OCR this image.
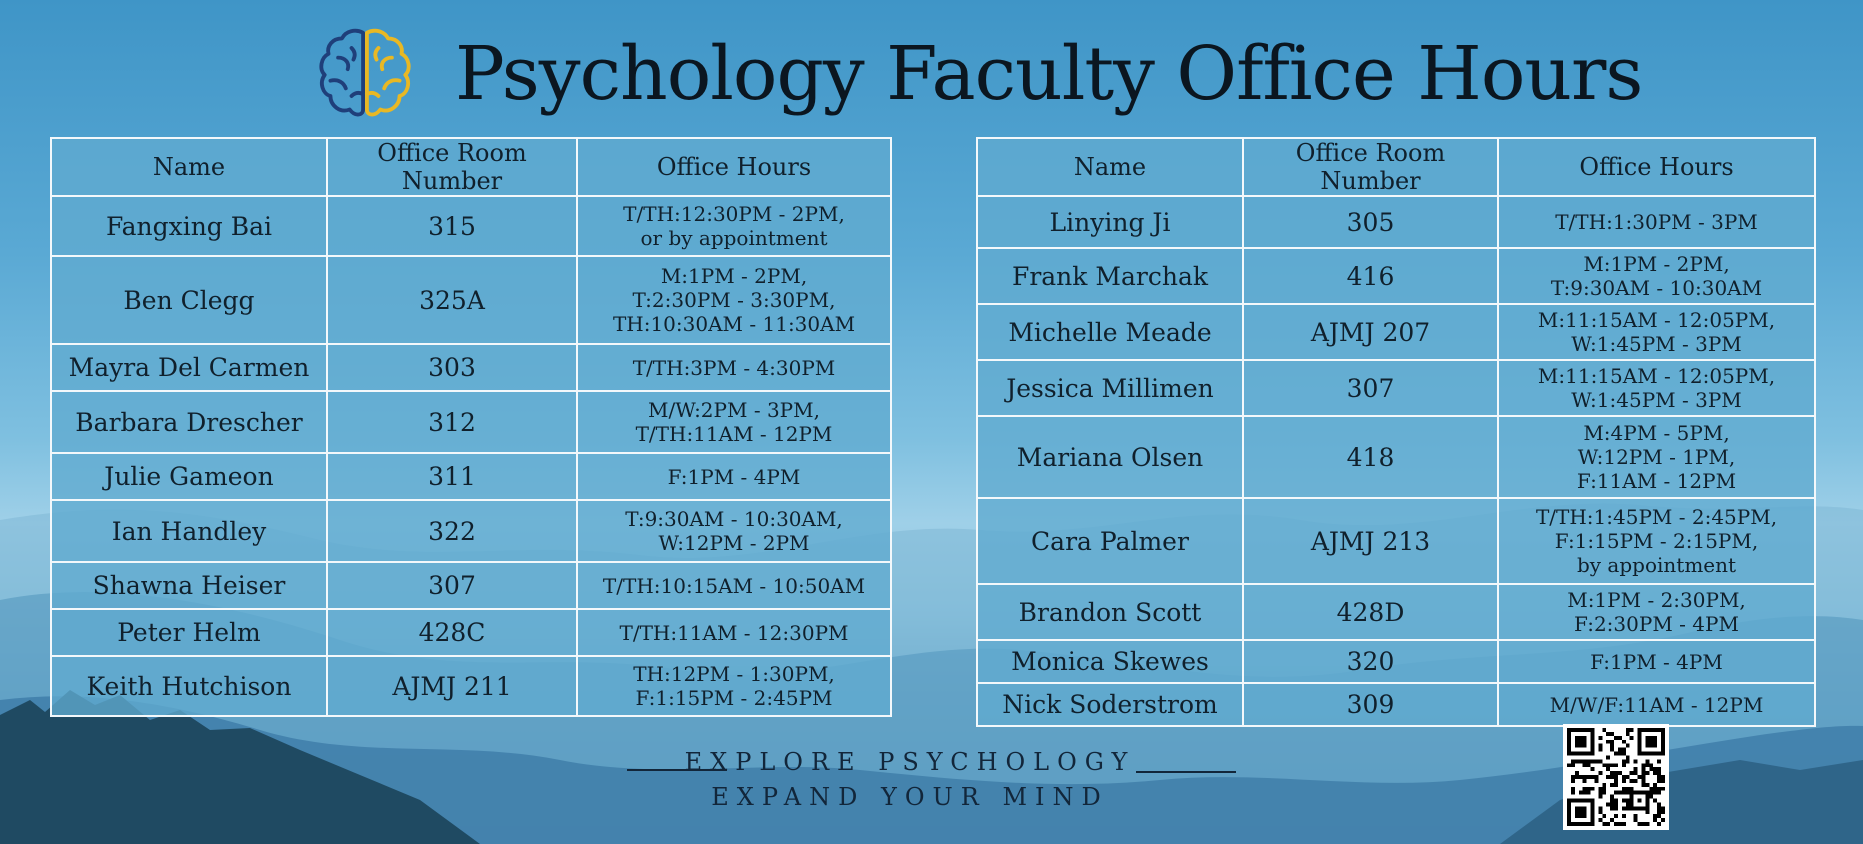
Psychology Faculty Office Hours
Name	Office Room Number	Office Hours
Fangxing Bai	315	T/TH:12:30PM - 2PM,
or by appointment

Ben Clegg	325A	M:1PM - 2PM,
T:2:30PM - 3:30PM,
TH:10:30AM - 11:30AM

Mayra Del Carmen	303	T/TH:3PM - 4:30PM

Barbara Drescher	312	M/W:2PM - 3PM,
T/TH:11AM - 12PM

Julie Gameon	311	F:1PM - 4PM

Ian Handley	322	T:9:30AM - 10:30AM,
W:12PM - 2PM

Shawna Heiser	307	T/TH:10:15AM - 10:50AM

Peter Helm	428C	T/TH:11AM - 12:30PM

Keith Hutchison	AJMJ 211	TH:12PM - 1:30PM,
F:1:15PM - 2:45PM
Name	Office Room Number	Office Hours
Linying Ji	305	T/TH:1:30PM - 3PM

Frank Marchak	416	M:1PM - 2PM,
T:9:30AM - 10:30AM

Michelle Meade	AJMJ 207	M:11:15AM - 12:05PM,
W:1:45PM - 3PM

Jessica Millimen	307	M:11:15AM - 12:05PM,
W:1:45PM - 3PM

Mariana Olsen	418	M:4PM - 5PM,
W:12PM - 1PM,
F:11AM - 12PM

Cara Palmer	AJMJ 213	T/TH:1:45PM - 2:45PM,
F:1:15PM - 2:15PM,
by appointment

Brandon Scott	428D	M:1PM - 2:30PM,
F:2:30PM - 4PM

Monica Skewes	320	F:1PM - 4PM

Nick Soderstrom	309	M/W/F:11AM - 12PM
EXPLORE PSYCHOLOGY
EXPAND YOUR MIND
